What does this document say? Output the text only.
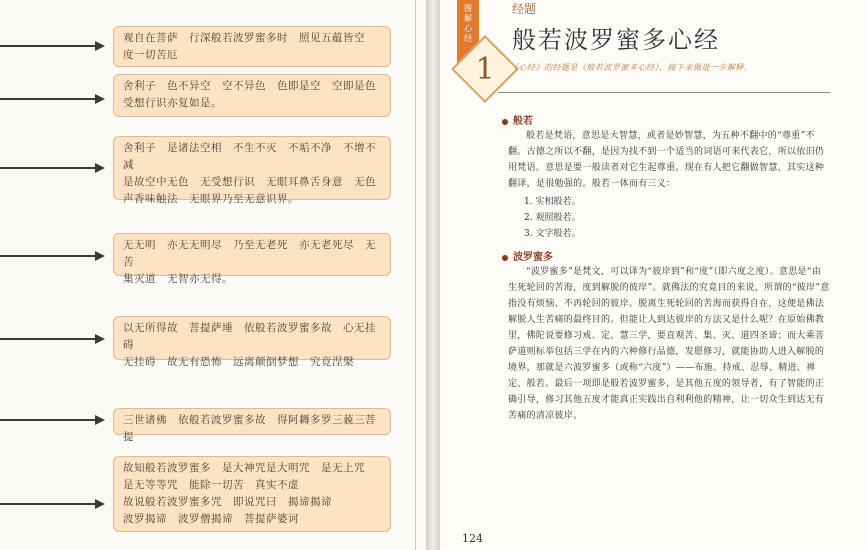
观自在菩萨　行深般若波罗蜜多时　照见五蕴皆空
度一切苦厄
舍利子　色不异空　空不异色　色即是空　空即是色
受想行识亦复如是。
舍利子　是诸法空相　不生不灭　不垢不净　不增不减
是故空中无色　无受想行识　无眼耳鼻舌身意　无色
声香味触法　无眼界乃至无意识界。
无无明　亦无无明尽　乃至无老死　亦无老死尽　无苦
集灭道　无智亦无得。
以无所得故　菩提萨埵　依般若波罗蜜多故　心无挂碍
无挂碍　故无有恐怖　远离颠倒梦想　究竟涅槃
三世诸佛　依般若波罗蜜多故　得阿耨多罗三藐三菩提
故知般若波罗蜜多　是大神咒是大明咒　是无上咒
是无等等咒　能除一切苦　真实不虚
故说般若波罗蜜多咒　即说咒曰　揭谛揭谛
波罗揭谛　波罗僧揭谛　菩提萨婆诃
图解心经
1
经题
般若波罗蜜多心经
《心经》的经题是《般若波罗蜜多心经》，接下来做进一步解释。
般若
般若是梵语，意思是大智慧，或者是妙智慧，为五种不翻中的“尊重”不翻。古德之所以不翻，是因为找不到一个适当的词语可来代表它，所以依旧仍用梵语。意思是要一般读者对它生起尊重。现在有人把它翻做智慧，其实这种翻译，是很勉强的。般若一体而有三义：
1. 实相般若。
2. 观照般若。
3. 文字般若。
波罗蜜多
“波罗蜜多”是梵文，可以译为“彼岸到”和“度”（即六度之度）。意思是“由生死轮回的苦海，度到解脱的彼岸”。就佛法的究竟目的来说，所谓的“彼岸”意指没有烦恼、不再轮回的彼岸。脱离生死轮回的苦海而获得自在，这便是佛法解脱人生苦痛的最终目的。但能让人到达彼岸的方法又是什么呢？在原始佛教里，佛陀说要修习戒、定、慧三学，要直观苦、集、灭、道四圣谛；而大乘菩萨道则标举包括三学在内的六种修行品德，发愿修习，就能协助人进入解脱的境界，那就是六波罗蜜多（或称“六度”）——布施、持戒、忍辱、精进、禅定、般若。最后一项即是般若波罗蜜多，是其他五度的领导者，有了智能的正确引导，修习其他五度才能真正实践出自利利他的精神，让一切众生到达无有苦痛的清凉彼岸。
124
